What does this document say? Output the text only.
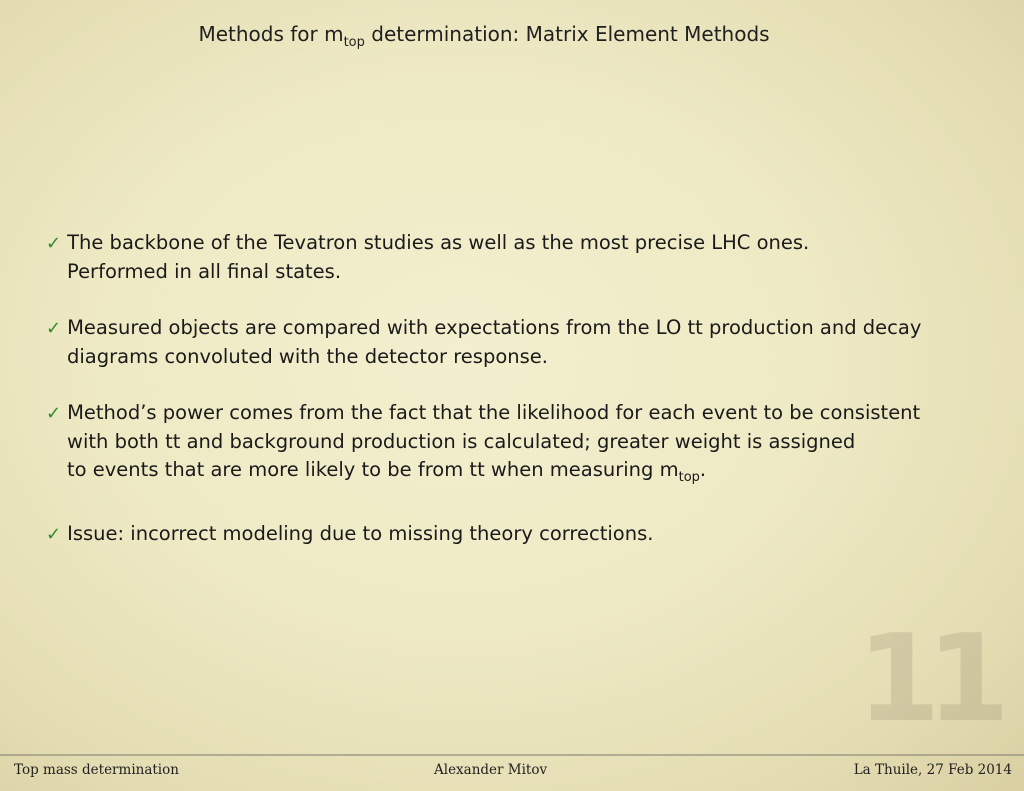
Methods for $m_{top}$ determination: Matrix Element Methods
✓ The backbone of the Tevatron studies as well as the most precise LHC ones.
Performed in all final states.
✓ Measured objects are compared with expectations from the LO tt production and decay
diagrams convoluted with the detector response.
✓ Method’s power comes from the fact that the likelihood for each event to be consistent
with both tt and background production is calculated; greater weight is assigned
to events that are more likely to be from tt when measuring $m_{top}$.
✓ Issue: incorrect modeling due to missing theory corrections.
11
Top mass determination	Alexander Mitov	La Thuile, 27 Feb 2014
